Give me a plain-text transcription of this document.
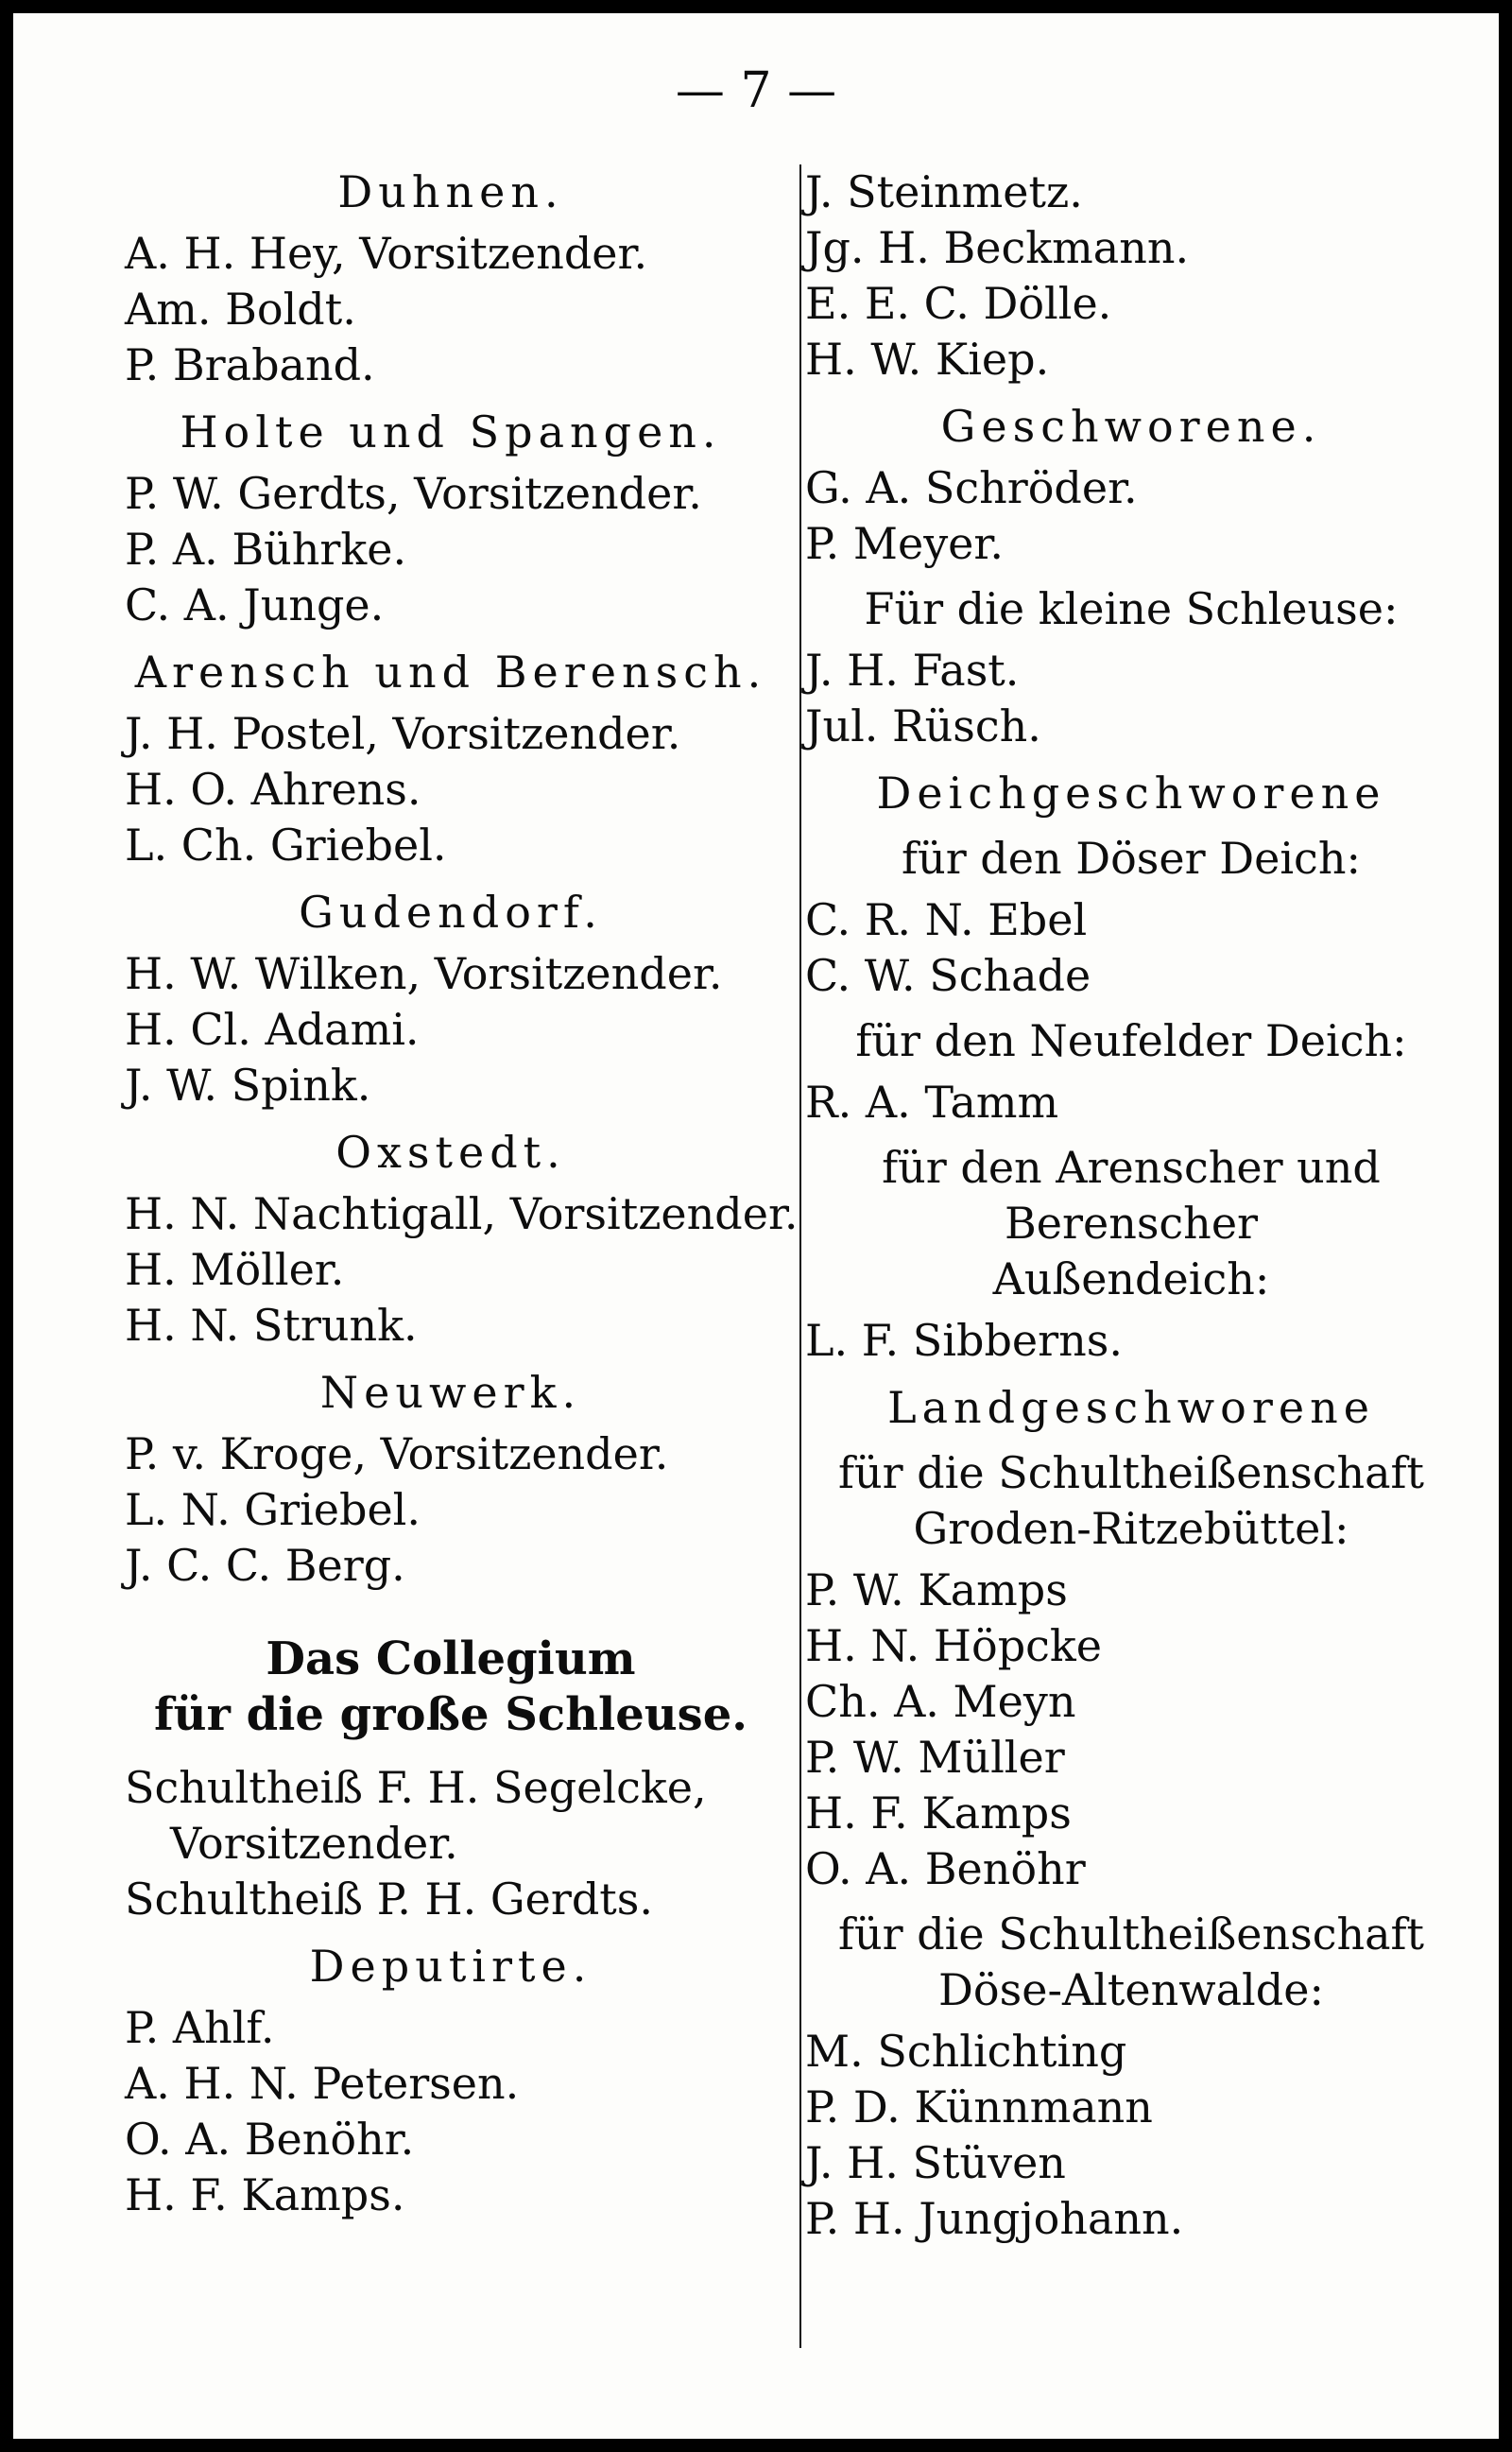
— 7 —
Duhnen.
A. H. Hey, Vorsitzender.
Am. Boldt.
P. Braband.
Holte und Spangen.
P. W. Gerdts, Vorsitzender.
P. A. Bührke.
C. A. Junge.
Arensch und Berensch.
J. H. Postel, Vorsitzender.
H. O. Ahrens.
L. Ch. Griebel.
Gudendorf.
H. W. Wilken, Vorsitzender.
H. Cl. Adami.
J. W. Spink.
Oxstedt.
H. N. Nachtigall, Vorsitzender.
H. Möller.
H. N. Strunk.
Neuwerk.
P. v. Kroge, Vorsitzender.
L. N. Griebel.
J. C. C. Berg.
Das Collegium
für die große Schleuse.
Schultheiß F. H. Segelcke, Vorsitzender.
Schultheiß P. H. Gerdts.
Deputirte.
P. Ahlf.
A. H. N. Petersen.
O. A. Benöhr.
H. F. Kamps.
J. Steinmetz.
Jg. H. Beckmann.
E. E. C. Dölle.
H. W. Kiep.
Geschworene.
G. A. Schröder.
P. Meyer.
Für die kleine Schleuse:
J. H. Fast.
Jul. Rüsch.
Deichgeschworene
für den Döser Deich:
C. R. N. Ebel
C. W. Schade
für den Neufelder Deich:
R. A. Tamm
für den Arenscher und Berenscher
Außendeich:
L. F. Sibberns.
Landgeschworene
für die Schultheißenschaft
Groden-Ritzebüttel:
P. W. Kamps
H. N. Höpcke
Ch. A. Meyn
P. W. Müller
H. F. Kamps
O. A. Benöhr
für die Schultheißenschaft
Döse-Altenwalde:
M. Schlichting
P. D. Künnmann
J. H. Stüven
P. H. Jungjohann.
